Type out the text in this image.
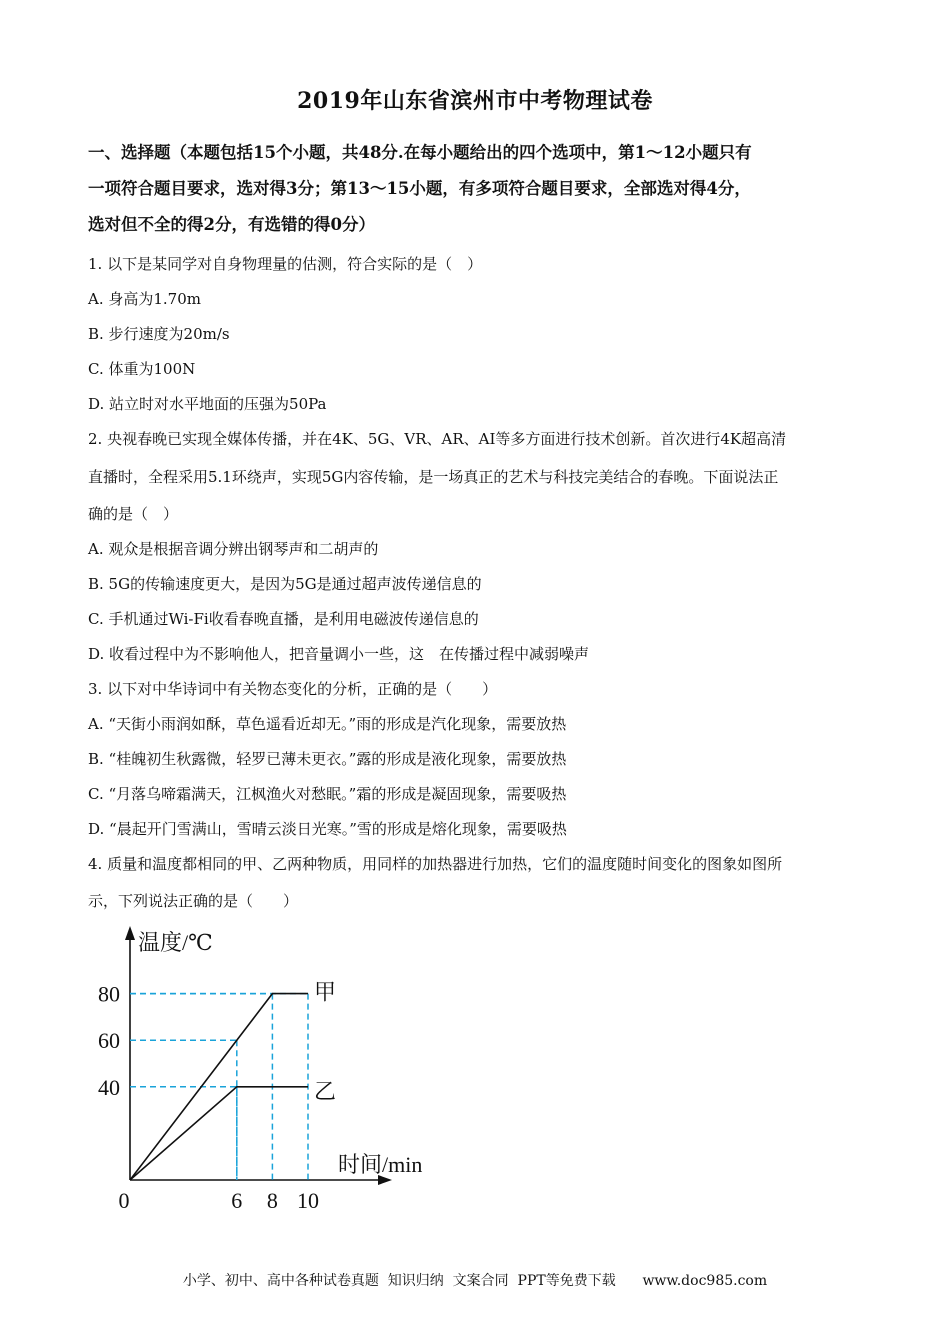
2019年山东省滨州市中考物理试卷
一、选择题（本题包括15个小题，共48分.在每小题给出的四个选项中，第1～12小题只有
一项符合题目要求，选对得3分；第13～15小题，有多项符合题目要求，全部选对得4分，
选对但不全的得2分，有选错的得0分）
1. 以下是某同学对自身物理量的估测，符合实际的是（　）
A. 身高为1.70m
B. 步行速度为20m/s
C. 体重为100N
D. 站立时对水平地面的压强为50Pa
2. 央视春晚已实现全媒体传播，并在4K、5G、VR、AR、AI等多方面进行技术创新。首次进行4K超高清
直播时，全程采用5.1环绕声，实现5G内容传输，是一场真正的艺术与科技完美结合的春晚。下面说法正
确的是（　）
A. 观众是根据音调分辨出钢琴声和二胡声的
B. 5G的传输速度更大，是因为5G是通过超声波传递信息的
C. 手机通过Wi-Fi收看春晚直播，是利用电磁波传递信息的
D. 收看过程中为不影响他人，把音量调小一些，这　在传播过程中减弱噪声
3. 以下对中华诗词中有关物态变化的分析，正确的是（　　）
A. “天街小雨润如酥，草色遥看近却无。”雨的形成是汽化现象，需要放热
B. “桂魄初生秋露微，轻罗已薄未更衣。”露的形成是液化现象，需要放热
C. “月落乌啼霜满天，江枫渔火对愁眠。”霜的形成是凝固现象，需要吸热
D. “晨起开门雪满山，雪晴云淡日光寒。”雪的形成是熔化现象，需要吸热
4. 质量和温度都相同的甲、乙两种物质，用同样的加热器进行加热，它们的温度随时间变化的图象如图所
示，下列说法正确的是（　　）
温度/℃
时间/min
0
40
60
80
6 8 10
甲
乙
小学、初中、高中各种试卷真题  知识归纳  文案合同  PPT等免费下载      www.doc985.com
